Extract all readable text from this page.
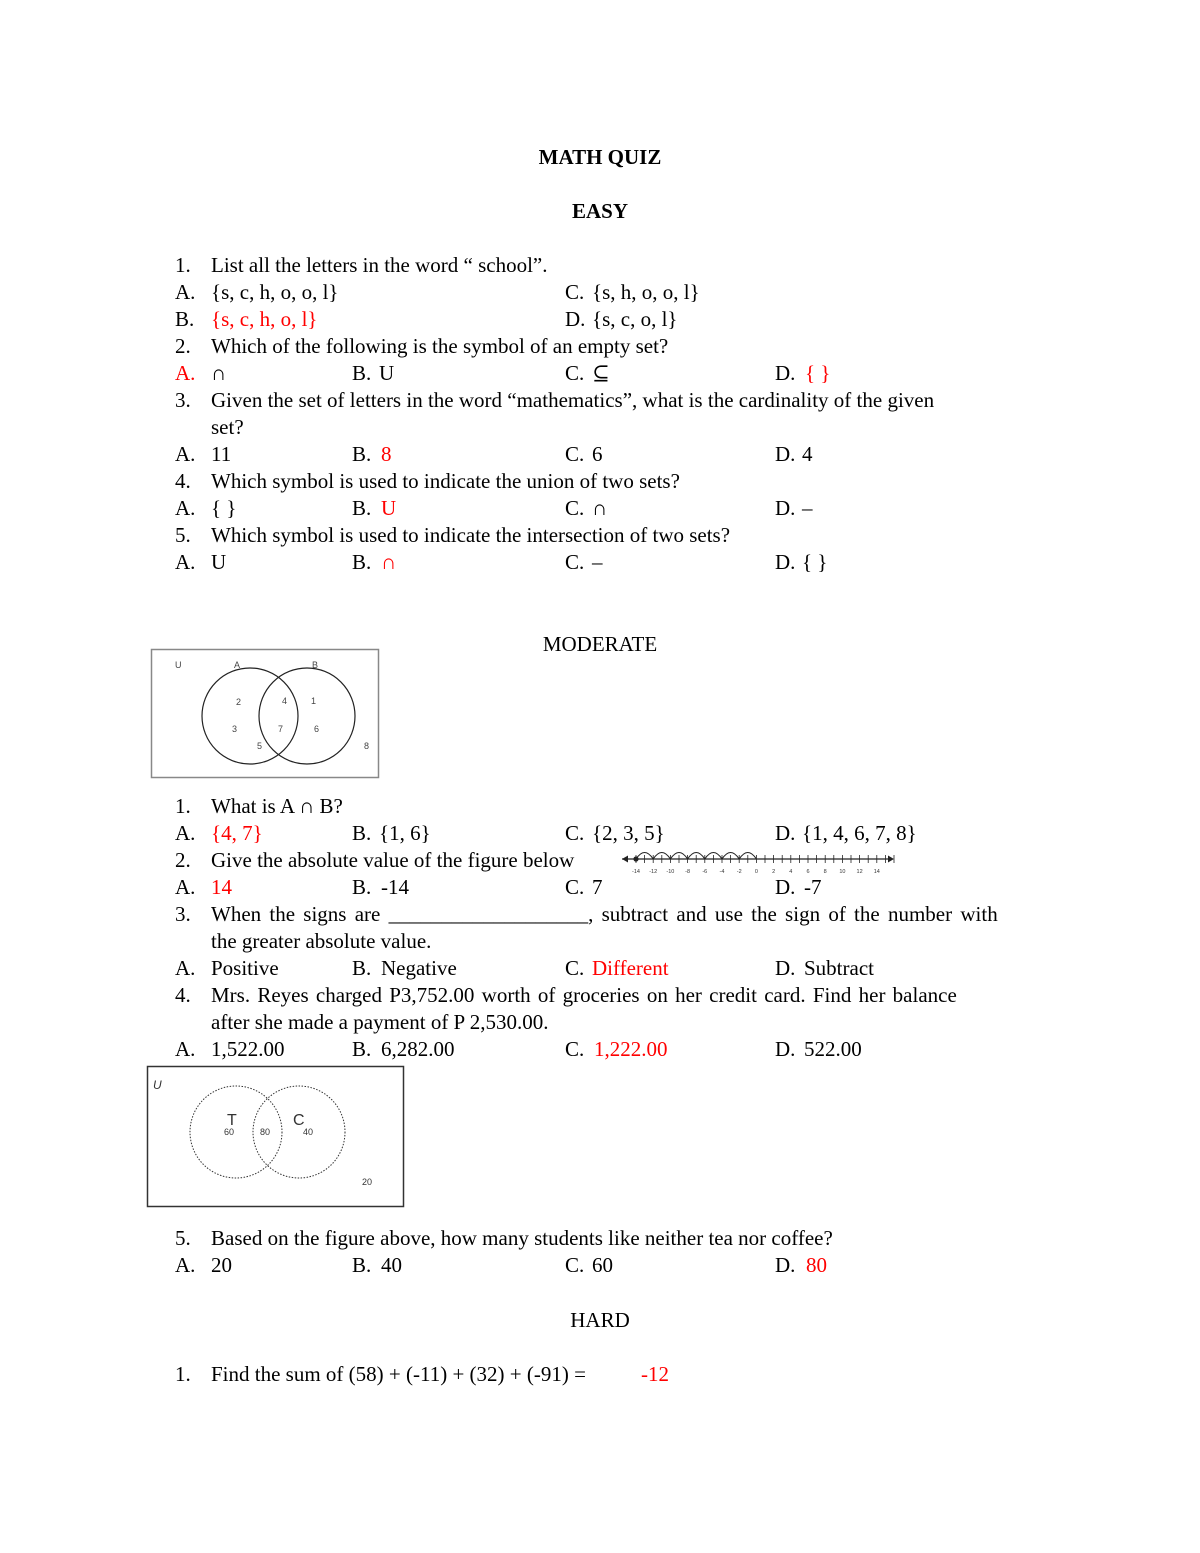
MATH QUIZ
EASY
1. List all the letters in the word “ school”.
A. {s, c, h, o, o, l}	C. {s, h, o, o, l}
B. {s, c, h, o, l}	D. {s, c, o, l}
2. Which of the following is the symbol of an empty set?
A. ∩	B. U	C. ⊆	D. { }
3. Given the set of letters in the word “mathematics”, what is the cardinality of the given
set?
A. 11	B. 8	C. 6	D. 4
4. Which symbol is used to indicate the union of two sets?
A. { }	B. U	C. ∩	D. –
5. Which symbol is used to indicate the intersection of two sets?
A. U	B. ∩	C. –	D. { }
MODERATE
U	A	B
2
3
4
7
1
6
5	8
1. What is A ∩ B?
A. {4, 7}	B. {1, 6}	C. {2, 3, 5}	D. {1, 4, 6, 7, 8}
2. Give the absolute value of the figure below
A. 14	B. -14	C. 7	D. -7
-14 -12 -10 -8 -6 -4 -2 0	2	4	6	8 10 12 14
3. When the signs are ___________________, subtract and use the sign of the number with
the greater absolute value.
A. Positive	B. Negative	C. Different	D. Subtract
4. Mrs. Reyes charged P3,752.00 worth of groceries on her credit card. Find her balance
after she made a payment of P 2,530.00.
A. 1,522.00	B. 6,282.00	C. 1,222.00	D. 522.00
U
T	C
60	80	40
20
5. Based on the figure above, how many students like neither tea nor coffee?
A. 20	B. 40	C. 60	D. 80
HARD
1. Find the sum of (58) + (-11) + (32) + (-91) =	-12
